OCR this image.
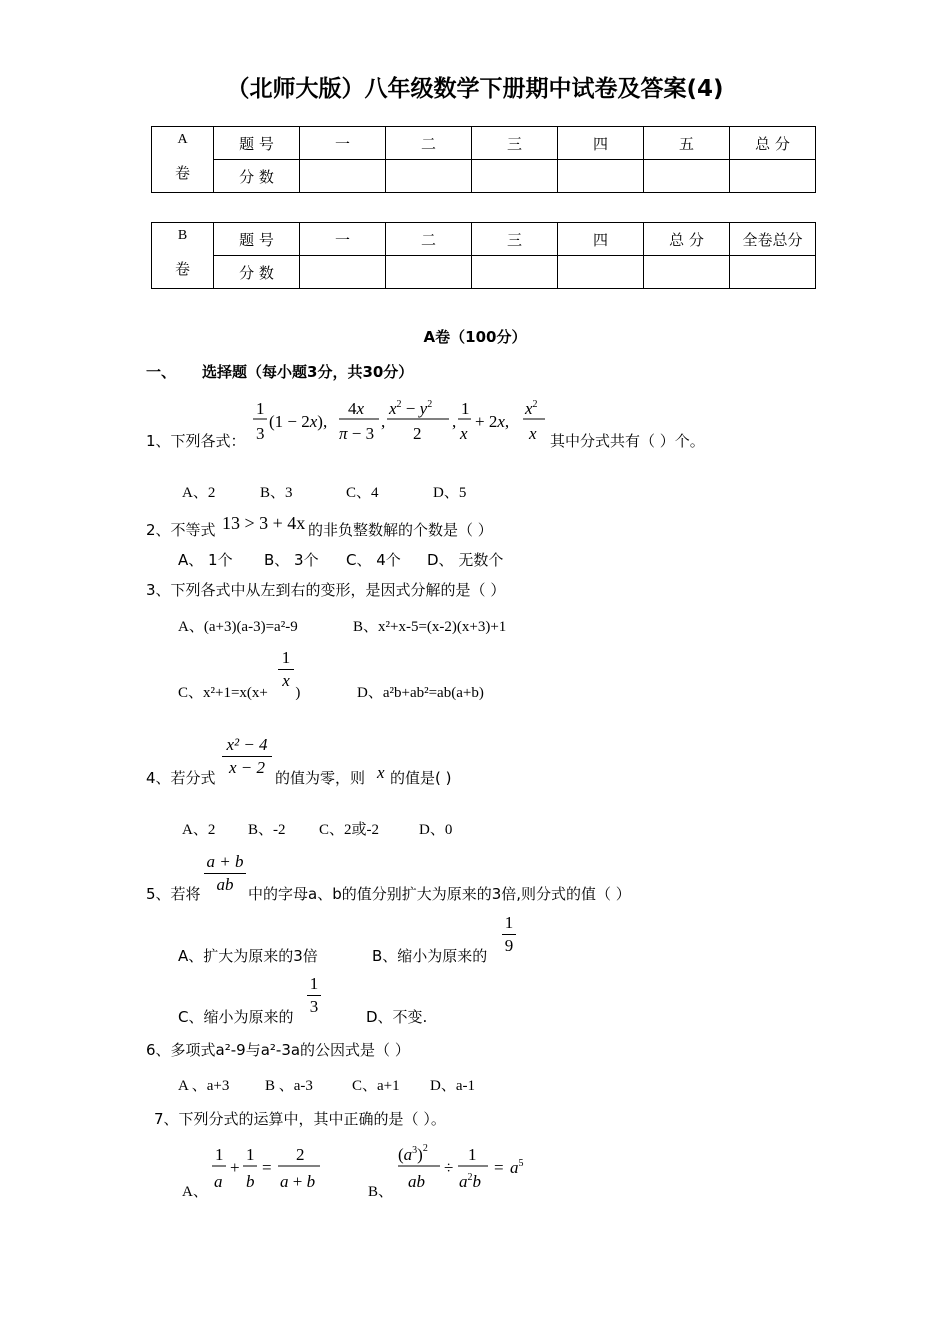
（北师大版）八年级数学下册期中试卷及答案(4)
A
卷	题 号	一	二	三	四	五	总 分
	分 数						
B
卷	题 号	一	二	三	四	总 分	全卷总分
	分 数						
A卷（100分）
一、 选择题（每小题3分，共30分）
1、下列各式：
1
3
(1 − 2x),
4x
π − 3
,
$x^2 - y^2$
2
,
1
x
+ 2x,
$x^2$
x 其中分式共有（ ）个。
A、2	B、3	C、4	D、5
2、不等式 13 > 3 + 4x 的非负整数解的个数是（ ）
A、 1个 B、 3个 C、 4个 D、 无数个
3、下列各式中从左到右的变形，是因式分解的是（ ）
A、(a+3)(a-3)=a²-9	B、x²+x-5=(x-2)(x+3)+1
C、x²+1=x(x+ )
1
x
D、a²b+ab²=ab(a+b)
4、若分式
x² − 4
x − 2
的值为零，则 x 的值是( )
A、2 B、-2 C、2或-2	D、0
5、若将
a + b
ab 中的字母a、b的值分别扩大为原来的3倍,则分式的值（ ）
A、扩大为原来的3倍	B、缩小为原来的
1
9
C、缩小为原来的
1
3
D、不变.
6、多项式a²-9与a²-3a的公因式是（ ）
A 、a+3 B 、a-3	C、a+1 D、a-1
7、下列分式的运算中，其中正确的是（ ）。
A、
1
a
+
1
b
=
2
a + b
B、
$(a^3)^2$
ab
÷
1
$a^2b$
= $a^5$
